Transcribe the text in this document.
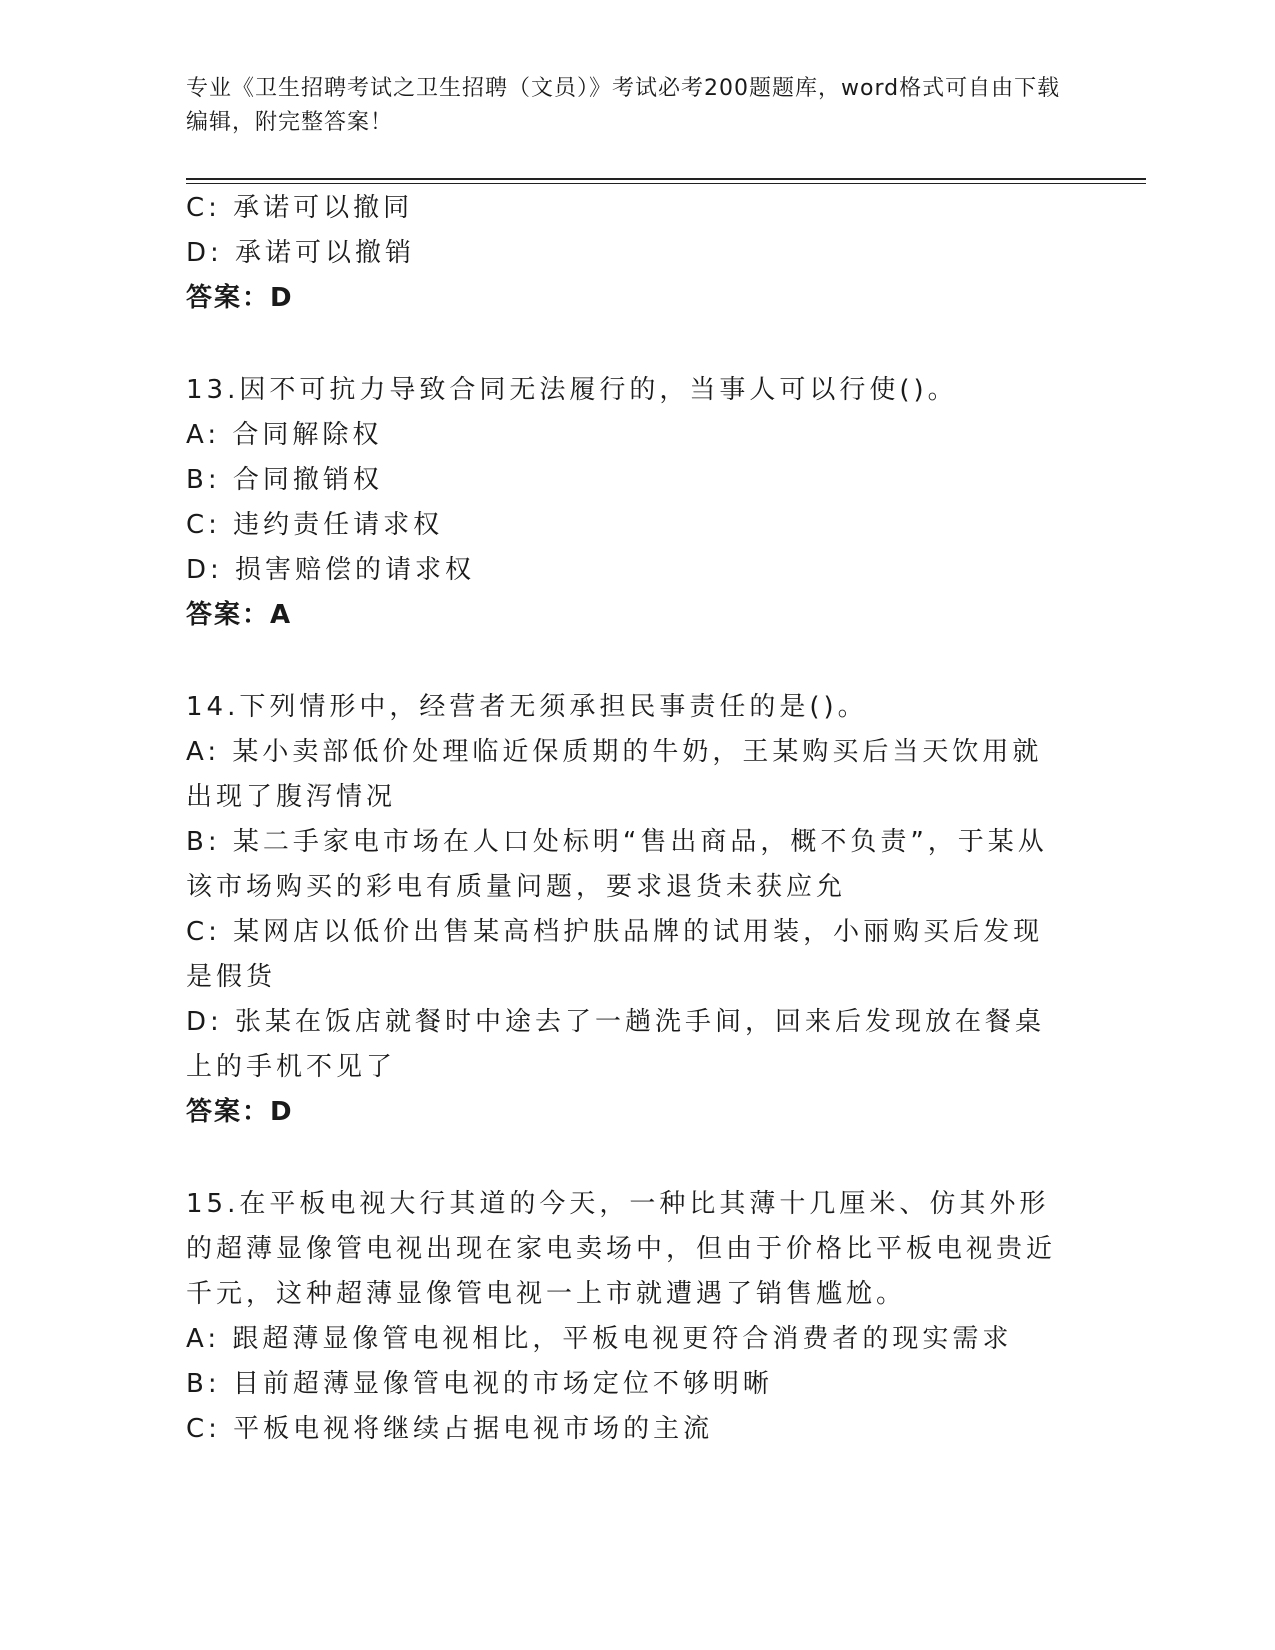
专业《卫生招聘考试之卫生招聘（文员）》考试必考200题题库，word格式可自由下载编辑，附完整答案！
C: 承诺可以撤同
D: 承诺可以撤销
答案：D
13.因不可抗力导致合同无法履行的，当事人可以行使()。
A: 合同解除权
B: 合同撤销权
C: 违约责任请求权
D: 损害赔偿的请求权
答案：A
14.下列情形中，经营者无须承担民事责任的是()。
A: 某小卖部低价处理临近保质期的牛奶，王某购买后当天饮用就出现了腹泻情况
B: 某二手家电市场在人口处标明“售出商品，概不负责”，于某从该市场购买的彩电有质量问题，要求退货未获应允
C: 某网店以低价出售某高档护肤品牌的试用装，小丽购买后发现是假货
D: 张某在饭店就餐时中途去了一趟洗手间，回来后发现放在餐桌上的手机不见了
答案：D
15.在平板电视大行其道的今天，一种比其薄十几厘米、仿其外形的超薄显像管电视出现在家电卖场中，但由于价格比平板电视贵近千元，这种超薄显像管电视一上市就遭遇了销售尴尬。
A: 跟超薄显像管电视相比，平板电视更符合消费者的现实需求
B: 目前超薄显像管电视的市场定位不够明晰
C: 平板电视将继续占据电视市场的主流
